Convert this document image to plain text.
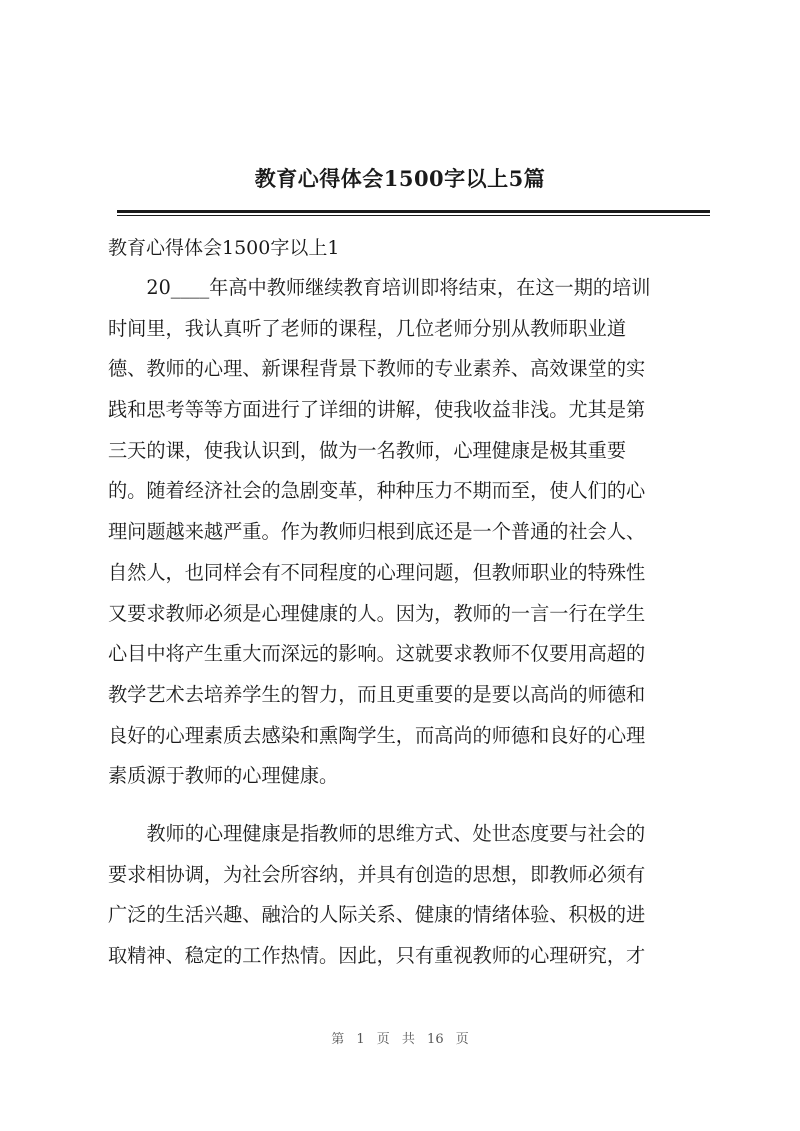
教育心得体会1500字以上5篇
教育心得体会1500字以上1
　　20____年高中教师继续教育培训即将结束，在这一期的培训
时间里，我认真听了老师的课程，几位老师分别从教师职业道
德、教师的心理、新课程背景下教师的专业素养、高效课堂的实
践和思考等等方面进行了详细的讲解，使我收益非浅。尤其是第
三天的课，使我认识到，做为一名教师，心理健康是极其重要
的。随着经济社会的急剧变革，种种压力不期而至，使人们的心
理问题越来越严重。作为教师归根到底还是一个普通的社会人、
自然人，也同样会有不同程度的心理问题，但教师职业的特殊性
又要求教师必须是心理健康的人。因为，教师的一言一行在学生
心目中将产生重大而深远的影响。这就要求教师不仅要用高超的
教学艺术去培养学生的智力，而且更重要的是要以高尚的师德和
良好的心理素质去感染和熏陶学生，而高尚的师德和良好的心理
素质源于教师的心理健康。
　　教师的心理健康是指教师的思维方式、处世态度要与社会的
要求相协调，为社会所容纳，并具有创造的思想，即教师必须有
广泛的生活兴趣、融洽的人际关系、健康的情绪体验、积极的进
取精神、稳定的工作热情。因此，只有重视教师的心理研究，才
第 1 页 共 16 页
